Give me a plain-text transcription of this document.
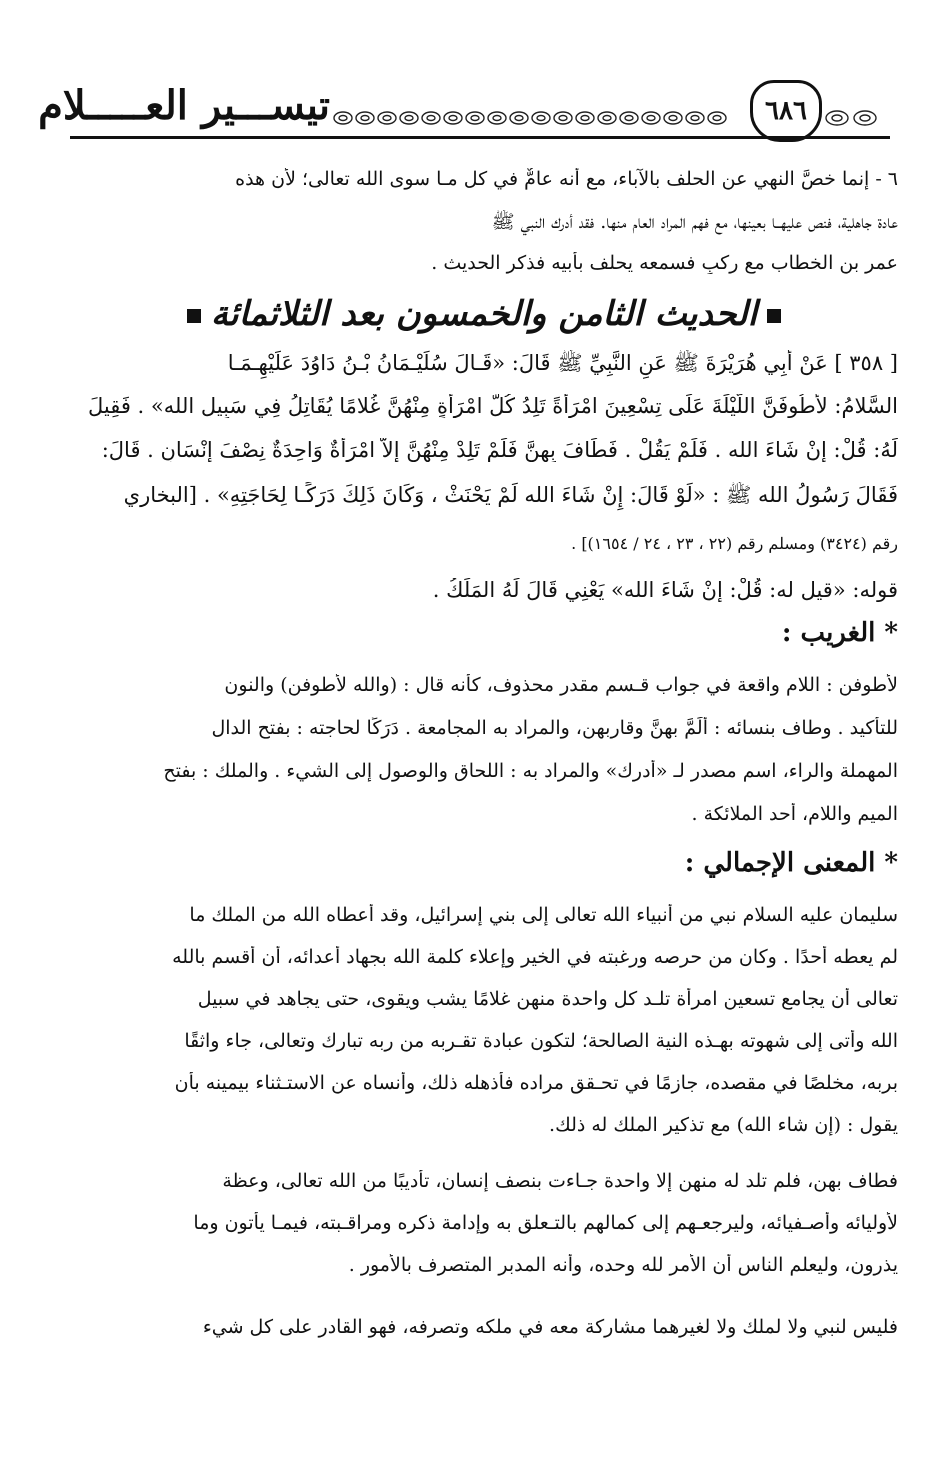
تيســـير العـــــلام	٦٨٦
٦ - إنما خصَّ النهي عن الحلف بالآباء، مع أنه عامٌّ في كل مـا سوى الله تعالى؛ لأن هذه
عادة جاهلية، فنص عليهــا بعينها، مع فهم المراد العام منها. فقد أدرك النبي ﷺ
عمر بن الخطاب مع ركبٍ فسمعه يحلف بأبيه فذكر الحديث .
الحديث الثامن والخمسون بعد الثلاثمائة
[ ٣٥٨ ] عَنْ أَبِي هُرَيْرَةَ ﷺ عَنِ النَّبِيِّ ﷺ قَالَ: «قَـالَ سُلَيْـمَانُ بْـنُ دَاوُدَ عَلَيْهِـمَـا
السَّلامُ: لأَطُوفَنَّ اللَّيْلَةَ عَلَى تِسْعِينَ امْرَأَةً تَلِدُ كُلُّ امْرَأَةٍ مِنْهُنَّ غُلامًا يُقَاتِلُ فِي سَبِيلِ الله» . فَقِيلَ
لَهُ: قُلْ: إِنْ شَاءَ الله . فَلَمْ يَقُلْ . فَطَافَ بِهِنَّ فَلَمْ تَلِدْ مِنْهُنَّ إِلاَّ امْرَأَةٌ وَاحِدَةٌ نِصْفَ إِنْسَانٍ . قَالَ:
فَقَالَ رَسُولُ الله ﷺ : «لَوْ قَالَ: إِنْ شَاءَ الله لَمْ يَحْنَثْ ، وَكَانَ ذَلِكَ دَرَكًـا لِحَاجَتِهِ» . [البخاري
رقم (٣٤٢٤) ومسلم رقم (٢٢ ، ٢٣ ، ٢٤ / ١٦٥٤)] .
قوله: «قيل له: قُلْ: إِنْ شَاءَ الله» يَعْنِي قَالَ لَهُ المَلَكُ .
* الغريب :
لأطوفن : اللام واقعة في جواب قـسم مقدر محذوف، كأنه قال : (والله لأطوفن) والنون
للتأكيد . وطاف بنسائه : أَلَمَّ بهنَّ وقاربهن، والمراد به المجامعة . دَرَكًا لحاجته : بفتح الدال
المهملة والراء، اسم مصدر لـ «أدرك» والمراد به : اللحاق والوصول إلى الشيء . والملك : بفتح
الميم واللام، أحد الملائكة .
* المعنى الإجمالي :
سليمان عليه السلام نبي من أنبياء الله تعالى إلى بني إسرائيل، وقد أعطاه الله من الملك ما
لم يعطه أحدًا . وكان من حرصه ورغبته في الخير وإعلاء كلمة الله بجهاد أعدائه، أن أقسم بالله
تعالى أن يجامع تسعين امرأة تلـد كل واحدة منهن غلامًا يشب ويقوى، حتى يجاهد في سبيل
الله وأتى إلى شهوته بهـذه النية الصالحة؛ لتكون عبادة تقـربه من ربه تبارك وتعالى، جاء واثقًا
بربه، مخلصًا في مقصده، جازمًا في تحـقق مراده فأذهله ذلك، وأنساه عن الاستـثناء بيمينه بأن
يقول : (إن شاء الله) مع تذكير الملك له ذلك.
فطاف بهن، فلم تلد له منهن إلا واحدة جـاءت بنصف إنسان، تأديبًا من الله تعالى، وعظة
لأوليائه وأصـفيائه، وليرجعـهم إلى كمالهم بالتـعلق به وإدامة ذكره ومراقـبته، فيمـا يأتون وما
يذرون، وليعلم الناس أن الأمر لله وحده، وأنه المدبر المتصرف بالأمور .
فليس لنبي ولا لملك ولا لغيرهما مشاركة معه في ملكه وتصرفه، فهو القادر على كل شيء
